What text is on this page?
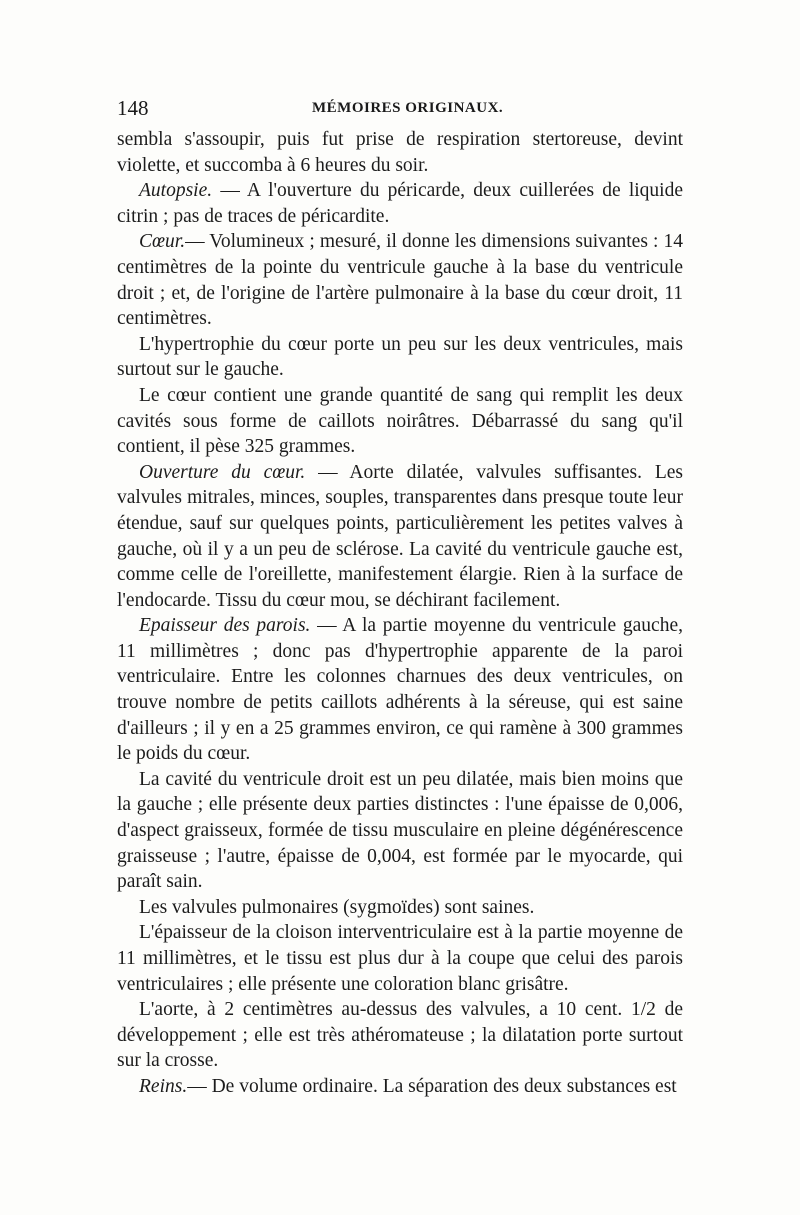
148	MÉMOIRES ORIGINAUX.

sembla s'assoupir, puis fut prise de respiration stertoreuse, devint violette, et succomba à 6 heures du soir.

Autopsie. — A l'ouverture du péricarde, deux cuillerées de liquide citrin ; pas de traces de péricardite.

Cœur.— Volumineux ; mesuré, il donne les dimensions suivantes : 14 centimètres de la pointe du ventricule gauche à la base du ventricule droit ; et, de l'origine de l'artère pulmonaire à la base du cœur droit, 11 centimètres.

L'hypertrophie du cœur porte un peu sur les deux ventricules, mais surtout sur le gauche.

Le cœur contient une grande quantité de sang qui remplit les deux cavités sous forme de caillots noirâtres. Débarrassé du sang qu'il contient, il pèse 325 grammes.

Ouverture du cœur. — Aorte dilatée, valvules suffisantes. Les valvules mitrales, minces, souples, transparentes dans presque toute leur étendue, sauf sur quelques points, particulièrement les petites valves à gauche, où il y a un peu de sclérose. La cavité du ventricule gauche est, comme celle de l'oreillette, manifestement élargie. Rien à la surface de l'endocarde. Tissu du cœur mou, se déchirant facilement.

Epaisseur des parois. — A la partie moyenne du ventricule gauche, 11 millimètres ; donc pas d'hypertrophie apparente de la paroi ventriculaire. Entre les colonnes charnues des deux ventricules, on trouve nombre de petits caillots adhérents à la séreuse, qui est saine d'ailleurs ; il y en a 25 grammes environ, ce qui ramène à 300 grammes le poids du cœur.

La cavité du ventricule droit est un peu dilatée, mais bien moins que la gauche ; elle présente deux parties distinctes : l'une épaisse de 0,006, d'aspect graisseux, formée de tissu musculaire en pleine dégénérescence graisseuse ; l'autre, épaisse de 0,004, est formée par le myocarde, qui paraît sain.

Les valvules pulmonaires (sygmoïdes) sont saines.

L'épaisseur de la cloison interventriculaire est à la partie moyenne de 11 millimètres, et le tissu est plus dur à la coupe que celui des parois ventriculaires ; elle présente une coloration blanc grisâtre.

L'aorte, à 2 centimètres au-dessus des valvules, a 10 cent. 1/2 de développement ; elle est très athéromateuse ; la dilatation porte surtout sur la crosse.

Reins.— De volume ordinaire. La séparation des deux substances est
